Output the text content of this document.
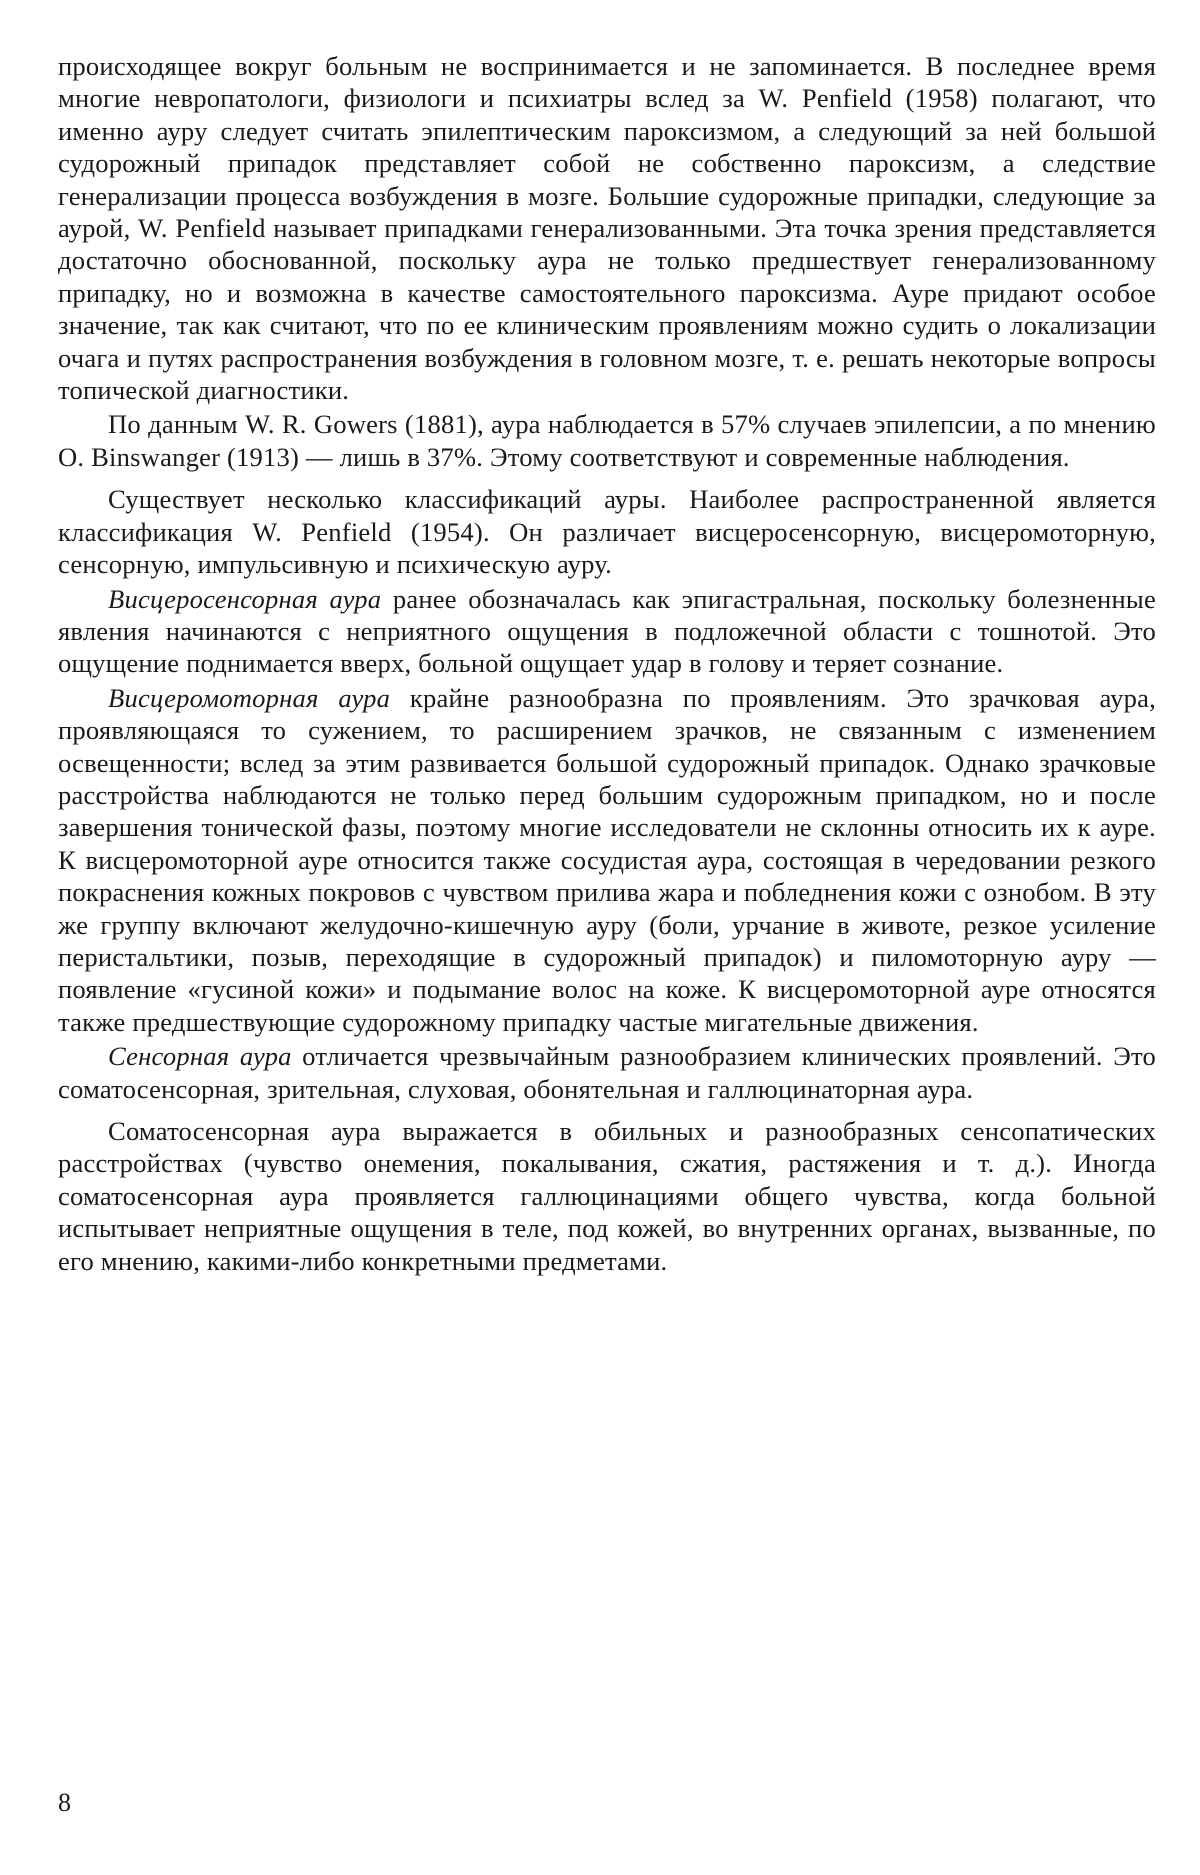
происходящее вокруг больным не воспринимается и не запоминается. В последнее время многие невропатологи, физиологи и психиатры вслед за W. Penfield (1958) полагают, что именно ауру следует считать эпилептическим пароксизмом, а следующий за ней большой судорожный припадок представляет собой не собственно пароксизм, а следствие генерализации процесса возбуждения в мозге. Большие судорожные припадки, следующие за аурой, W. Penfield называет припадками генерализованными. Эта точка зрения представляется достаточно обоснованной, поскольку аура не только предшествует генерализованному припадку, но и возможна в качестве самостоятельного пароксизма. Ауре придают особое значение, так как считают, что по ее клиническим проявлениям можно судить о локализации очага и путях распространения возбуждения в головном мозге, т. е. решать некоторые вопросы топической диагностики.

По данным W. R. Gowers (1881), аура наблюдается в 57% случаев эпилепсии, а по мнению O. Binswanger (1913) — лишь в 37%. Этому соответствуют и современные наблюдения.

Существует несколько классификаций ауры. Наиболее распространенной является классификация W. Penfield (1954). Он различает висцеросенсорную, висцеромоторную, сенсорную, импульсивную и психическую ауру.

Висцеросенсорная аура ранее обозначалась как эпигастральная, поскольку болезненные явления начинаются с неприятного ощущения в подложечной области с тошнотой. Это ощущение поднимается вверх, больной ощущает удар в голову и теряет сознание.

Висцеромоторная аура крайне разнообразна по проявлениям. Это зрачковая аура, проявляющаяся то сужением, то расширением зрачков, не связанным с изменением освещенности; вслед за этим развивается большой судорожный припадок. Однако зрачковые расстройства наблюдаются не только перед большим судорожным припадком, но и после завершения тонической фазы, поэтому многие исследователи не склонны относить их к ауре. К висцеромоторной ауре относится также сосудистая аура, состоящая в чередовании резкого покраснения кожных покровов с чувством прилива жара и побледнения кожи с ознобом. В эту же группу включают желудочно-кишечную ауру (боли, урчание в животе, резкое усиление перистальтики, позыв, переходящие в судорожный припадок) и пиломоторную ауру — появление «гусиной кожи» и подымание волос на коже. К висцеромоторной ауре относятся также предшествующие судорожному припадку частые мигательные движения.

Сенсорная аура отличается чрезвычайным разнообразием клинических проявлений. Это соматосенсорная, зрительная, слуховая, обонятельная и галлюцинаторная аура.

Соматосенсорная аура выражается в обильных и разнообразных сенсопатических расстройствах (чувство онемения, покалывания, сжатия, растяжения и т. д.). Иногда соматосенсорная аура проявляется галлюцинациями общего чувства, когда больной испытывает неприятные ощущения в теле, под кожей, во внутренних органах, вызванные, по его мнению, какими-либо конкретными предметами.

8
